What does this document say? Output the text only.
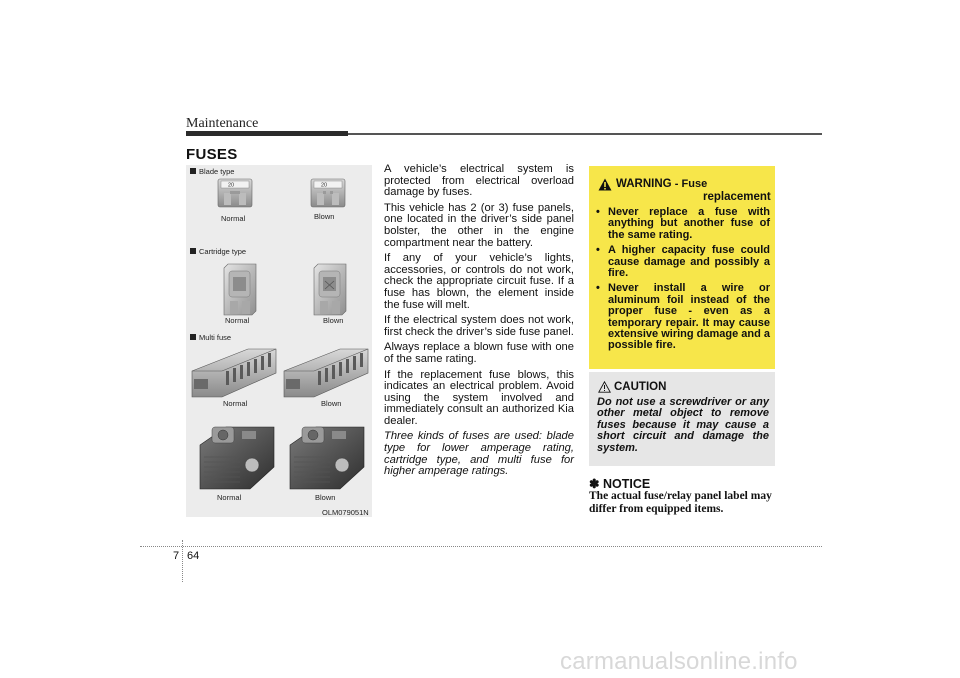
Maintenance
FUSES
20	20
Blade type
Normal	Blown
Cartridge type
Normal	Blown
Multi fuse
Normal	Blown
Normal	Blown
OLM079051N

A vehicle’s electrical system is protected from electrical overload damage by fuses.

This vehicle has 2 (or 3) fuse panels, one located in the driver’s side panel bolster, the other in the engine compartment near the battery.

If any of your vehicle’s lights, accessories, or controls do not work, check the appropriate circuit fuse. If a fuse has blown, the element inside the fuse will melt.

If the electrical system does not work, first check the driver’s side fuse panel.

Always replace a blown fuse with one of the same rating.

If the replacement fuse blows, this indicates an electrical problem. Avoid using the system involved and immediately consult an authorized Kia dealer.

Three kinds of fuses are used: blade type for lower amperage rating, cartridge type, and multi fuse for higher amperage ratings.

WARNING - Fuse
replacement
• Never replace a fuse with anything but another fuse of the same rating.
• A higher capacity fuse could cause damage and possibly a fire.
• Never install a wire or aluminum foil instead of the proper fuse - even as a temporary repair. It may cause extensive wiring damage and a possible fire.
CAUTION
Do not use a screwdriver or any other metal object to remove fuses because it may cause a short circuit and damage the system.
✽ NOTICE
The actual fuse/relay panel label may differ from equipped items.
7 64
carmanualsonline.info
